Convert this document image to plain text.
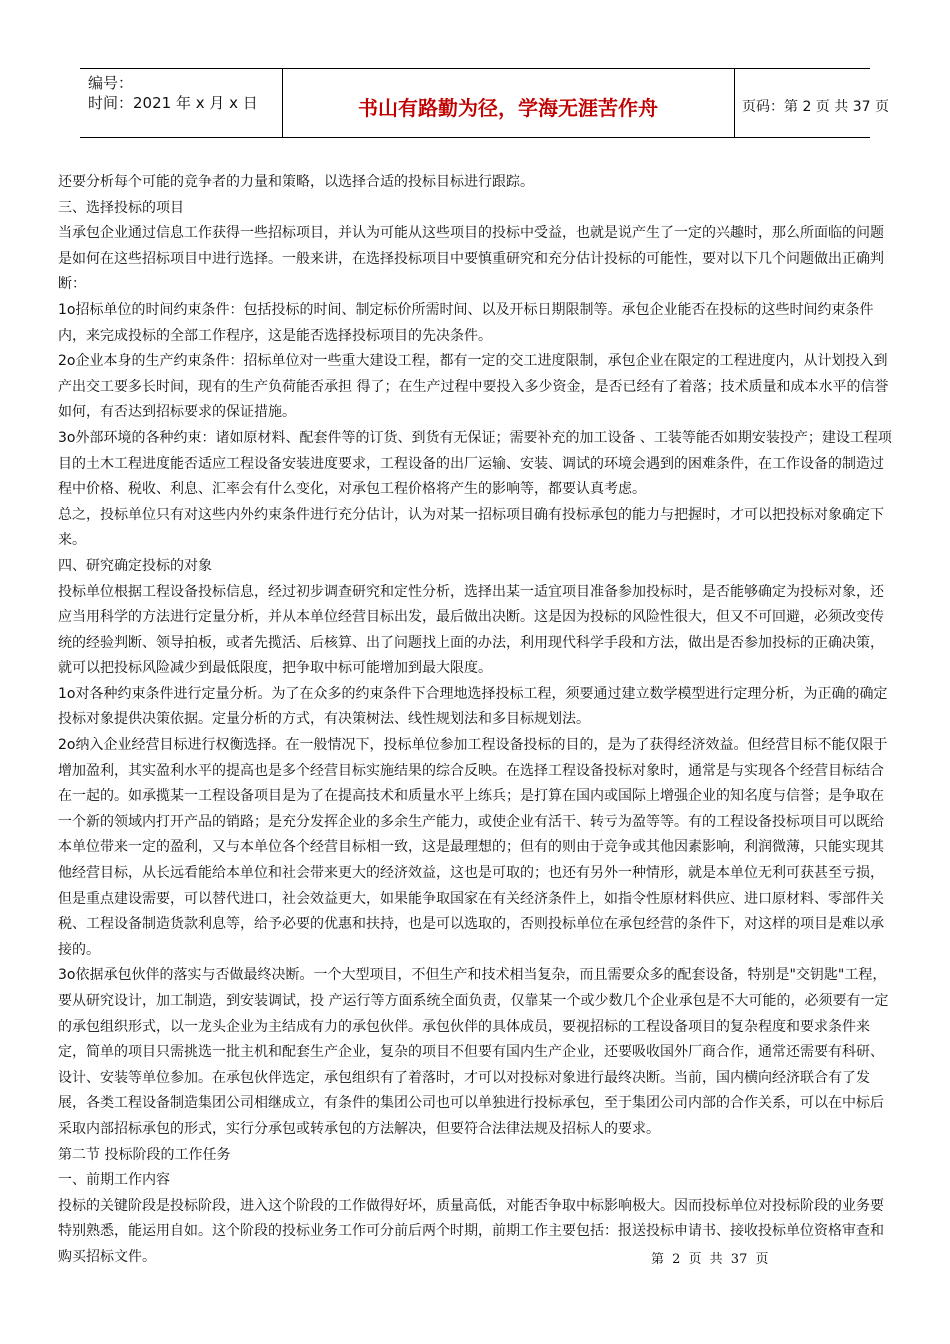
编号：
时间：2021 年 x 月 x 日	书山有路勤为径，学海无涯苦作舟	页码：第 2 页 共 37 页

还要分析每个可能的竞争者的力量和策略，以选择合适的投标目标进行跟踪。

三、选择投标的项目

当承包企业通过信息工作获得一些招标项目，并认为可能从这些项目的投标中受益，也就是说产生了一定的兴趣时，那么所面临的问题是如何在这些招标项目中进行选择。一般来讲，在选择投标项目中要慎重研究和充分估计投标的可能性，要对以下几个问题做出正确判断：

1o招标单位的时间约束条件：包括投标的时间、制定标价所需时间、以及开标日期限制等。承包企业能否在投标的这些时间约束条件内，来完成投标的全部工作程序，这是能否选择投标项目的先决条件。

2o企业本身的生产约束条件：招标单位对一些重大建设工程，都有一定的交工进度限制，承包企业在限定的工程进度内，从计划投入到产出交工要多长时间，现有的生产负荷能否承担 得了；在生产过程中要投入多少资金，是否已经有了着落；技术质量和成本水平的信誉如何，有否达到招标要求的保证措施。

3o外部环境的各种约束：诸如原材料、配套件等的订货、到货有无保证；需要补充的加工设备 、工装等能否如期安装投产；建设工程项目的土木工程进度能否适应工程设备安装进度要求，工程设备的出厂运输、安装、调试的环境会遇到的困难条件，在工作设备的制造过程中价格、税收、利息、汇率会有什么变化，对承包工程价格将产生的影响等，都要认真考虑。

总之，投标单位只有对这些内外约束条件进行充分估计，认为对某一招标项目确有投标承包的能力与把握时，才可以把投标对象确定下来。

四、研究确定投标的对象

投标单位根据工程设备投标信息，经过初步调查研究和定性分析，选择出某一适宜项目准备参加投标时，是否能够确定为投标对象，还应当用科学的方法进行定量分析，并从本单位经营目标出发，最后做出决断。这是因为投标的风险性很大，但又不可回避，必须改变传统的经验判断、领导拍板，或者先揽活、后核算、出了问题找上面的办法，利用现代科学手段和方法，做出是否参加投标的正确决策，就可以把投标风险减少到最低限度，把争取中标可能增加到最大限度。

1o对各种约束条件进行定量分析。为了在众多的约束条件下合理地选择投标工程，须要通过建立数学模型进行定理分析，为正确的确定投标对象提供决策依据。定量分析的方式，有决策树法、线性规划法和多目标规划法。

2o纳入企业经营目标进行权衡选择。在一般情况下，投标单位参加工程设备投标的目的，是为了获得经济效益。但经营目标不能仅限于增加盈利，其实盈利水平的提高也是多个经营目标实施结果的综合反映。在选择工程设备投标对象时，通常是与实现各个经营目标结合在一起的。如承揽某一工程设备项目是为了在提高技术和质量水平上练兵；是打算在国内或国际上增强企业的知名度与信誉；是争取在一个新的领域内打开产品的销路；是充分发挥企业的多余生产能力，或使企业有活干、转亏为盈等等。有的工程设备投标项目可以既给本单位带来一定的盈利，又与本单位各个经营目标相一致，这是最理想的；但有的则由于竞争或其他因素影响，利润微薄，只能实现其他经营目标，从长远看能给本单位和社会带来更大的经济效益，这也是可取的；也还有另外一种情形，就是本单位无利可获甚至亏损，但是重点建设需要，可以替代进口，社会效益更大，如果能争取国家在有关经济条件上，如指令性原材料供应、进口原材料、零部件关税、工程设备制造货款利息等，给予必要的优惠和扶持，也是可以选取的，否则投标单位在承包经营的条件下，对这样的项目是难以承接的。

3o依据承包伙伴的落实与否做最终决断。一个大型项目，不但生产和技术相当复杂，而且需要众多的配套设备，特别是"交钥匙"工程，要从研究设计，加工制造，到安装调试，投 产运行等方面系统全面负责，仅靠某一个或少数几个企业承包是不大可能的，必须要有一定的承包组织形式，以一龙头企业为主结成有力的承包伙伴。承包伙伴的具体成员，要视招标的工程设备项目的复杂程度和要求条件来定，简单的项目只需挑选一批主机和配套生产企业，复杂的项目不但要有国内生产企业，还要吸收国外厂商合作，通常还需要有科研、设计、安装等单位参加。在承包伙伴选定，承包组织有了着落时，才可以对投标对象进行最终决断。当前，国内横向经济联合有了发展，各类工程设备制造集团公司相继成立，有条件的集团公司也可以单独进行投标承包，至于集团公司内部的合作关系，可以在中标后采取内部招标承包的形式，实行分承包或转承包的方法解决，但要符合法律法规及招标人的要求。

第二节 投标阶段的工作任务

一、前期工作内容

投标的关键阶段是投标阶段，进入这个阶段的工作做得好坏，质量高低，对能否争取中标影响极大。因而投标单位对投标阶段的业务要特别熟悉，能运用自如。这个阶段的投标业务工作可分前后两个时期，前期工作主要包括：报送投标申请书、接收投标单位资格审查和购买招标文件。	第 2 页 共 37 页
